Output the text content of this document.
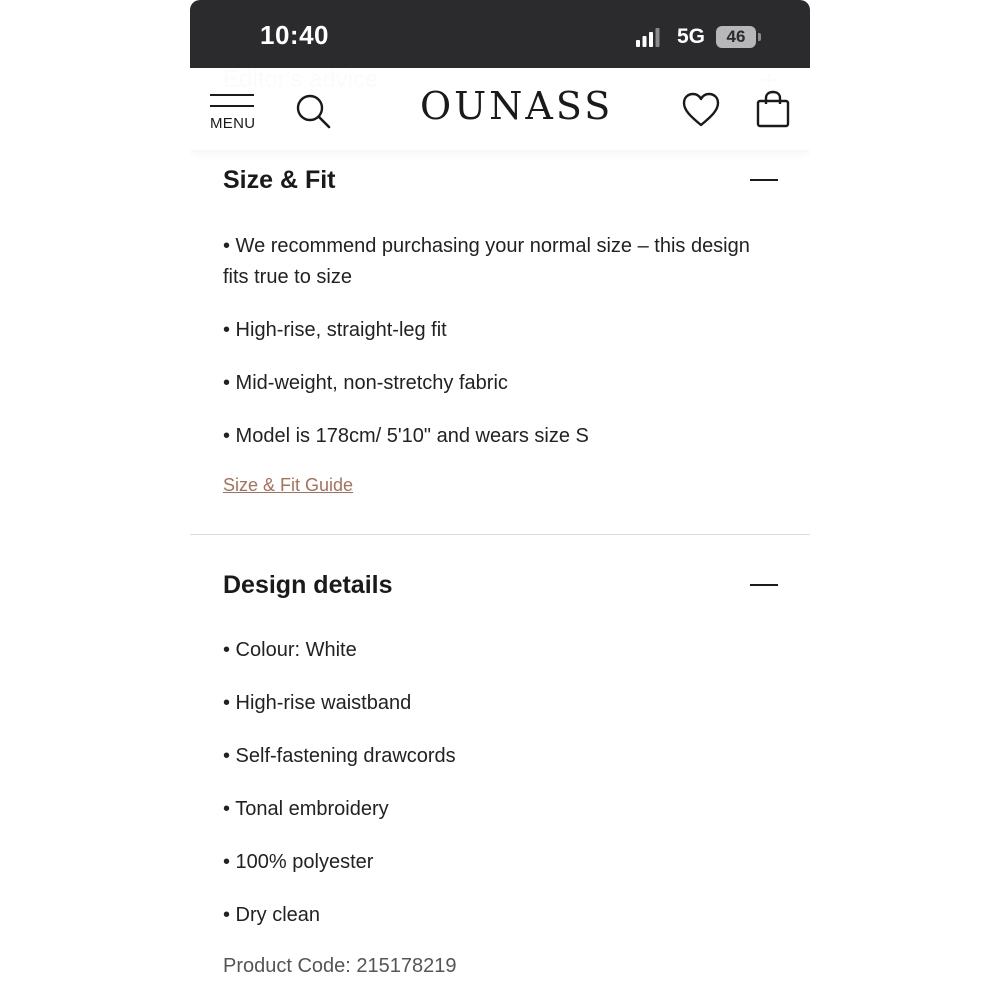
10:40	5G	46
MENU	OUNASS
Size & Fit
• We recommend purchasing your normal size – this design fits true to size
• High-rise, straight-leg fit
• Mid-weight, non-stretchy fabric
• Model is 178cm/ 5'10" and wears size S
Size & Fit Guide
Design details
• Colour: White
• High-rise waistband
• Self-fastening drawcords
• Tonal embroidery
• 100% polyester
• Dry clean
Product Code: 215178219
